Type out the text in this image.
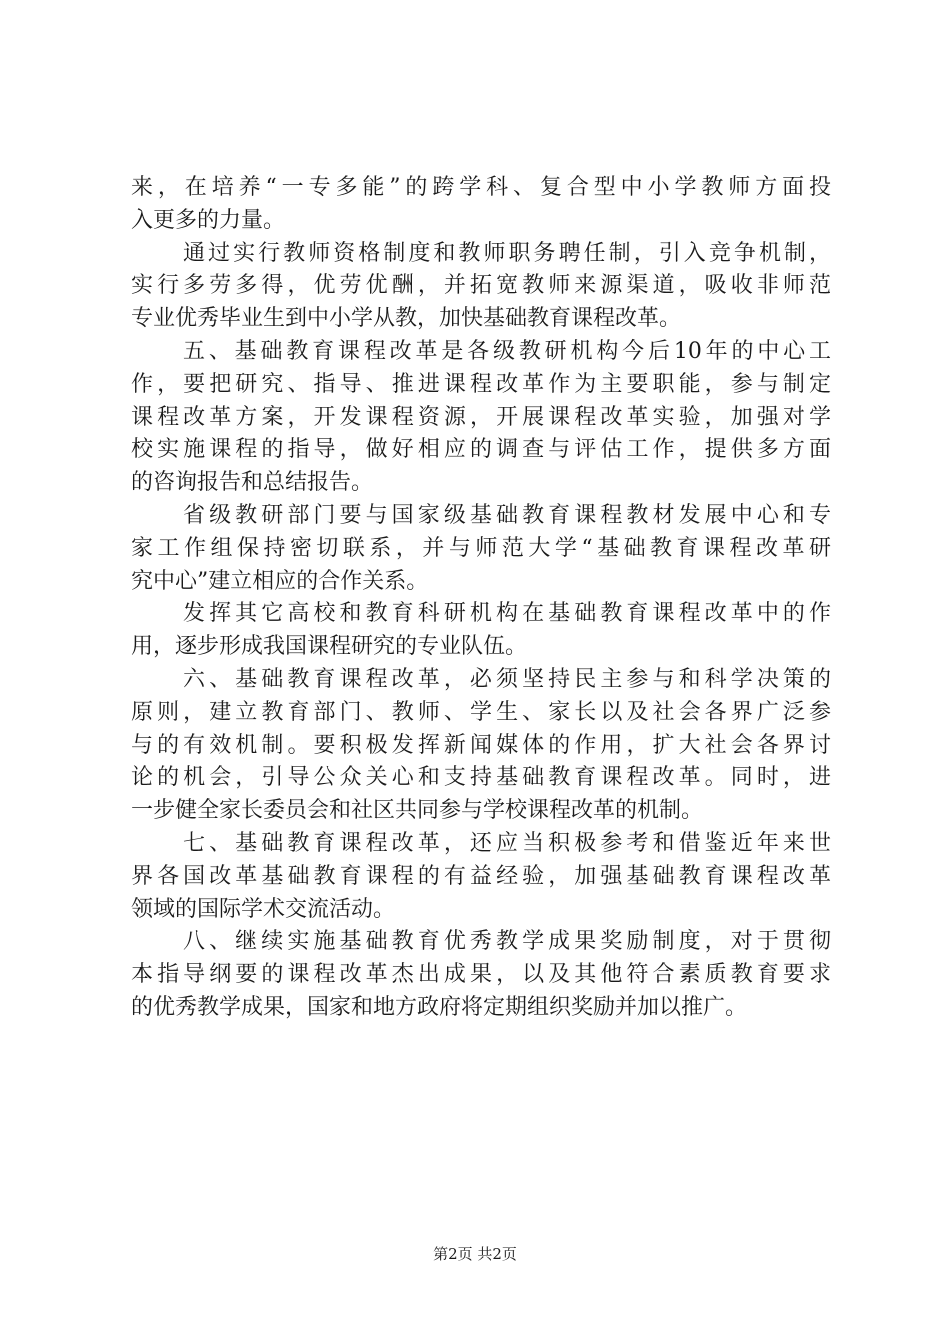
来，在培养“一专多能”的跨学科、复合型中小学教师方面投
入更多的力量。
通过实行教师资格制度和教师职务聘任制，引入竞争机制，
实行多劳多得，优劳优酬，并拓宽教师来源渠道，吸收非师范
专业优秀毕业生到中小学从教，加快基础教育课程改革。
五、基础教育课程改革是各级教研机构今后10年的中心工
作，要把研究、指导、推进课程改革作为主要职能，参与制定
课程改革方案，开发课程资源，开展课程改革实验，加强对学
校实施课程的指导，做好相应的调查与评估工作，提供多方面
的咨询报告和总结报告。
省级教研部门要与国家级基础教育课程教材发展中心和专
家工作组保持密切联系，并与师范大学“基础教育课程改革研
究中心”建立相应的合作关系。
发挥其它高校和教育科研机构在基础教育课程改革中的作
用，逐步形成我国课程研究的专业队伍。
六、基础教育课程改革，必须坚持民主参与和科学决策的
原则，建立教育部门、教师、学生、家长以及社会各界广泛参
与的有效机制。要积极发挥新闻媒体的作用，扩大社会各界讨
论的机会，引导公众关心和支持基础教育课程改革。同时，进
一步健全家长委员会和社区共同参与学校课程改革的机制。
七、基础教育课程改革，还应当积极参考和借鉴近年来世
界各国改革基础教育课程的有益经验，加强基础教育课程改革
领域的国际学术交流活动。
八、继续实施基础教育优秀教学成果奖励制度，对于贯彻
本指导纲要的课程改革杰出成果，以及其他符合素质教育要求
的优秀教学成果，国家和地方政府将定期组织奖励并加以推广。
第2页 共2页
